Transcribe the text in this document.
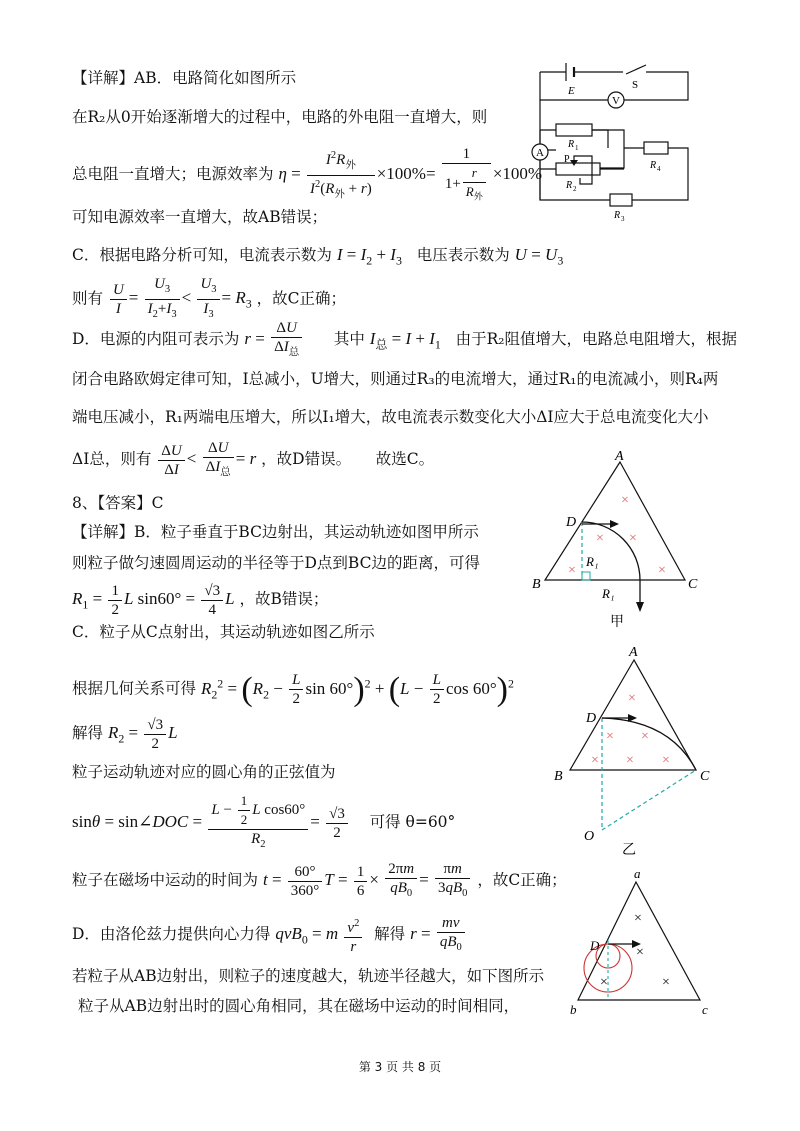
【详解】AB．电路简化如图所示
在R₂从0开始逐渐增大的过程中，电路的外电阻一直增大，则
总电阻一直增大；电源效率为 $\eta = \frac{I^2R_外}{I^2(R_外 + r)} \times 100\%= \frac{1}{1+ \frac{r}{R_外}} \times 100\%$
可知电源效率一直增大，故AB错误；
C．根据电路分析可知，电流表示数为 $I = I_2 + I_3$ 电压表示数为 $U = U_3$
则有 $\frac{U}{I} = \frac{U_3}{I_2+I_3} < \frac{U_3}{I_3} = R_3$ ，故C正确；
D．电源的内阻可表示为 $r = \frac{\Delta U}{\Delta I_总}$ 其中 $I_总 = I + I_1$ 由于R₂阻值增大，电路总电阻增大，根据
闭合电路欧姆定律可知，I总减小，U增大，则通过R₃的电流增大，通过R₁的电流减小，则R₄两
端电压减小，R₁两端电压增大，所以I₁增大，故电流表示数变化大小ΔI应大于总电流变化大小
ΔI总，则有 $\frac{\Delta U}{\Delta I} < \frac{\Delta U}{\Delta I_总} = r$ ，故D错误。 故选C。
8、【答案】C
【详解】B．粒子垂直于BC边射出，其运动轨迹如图甲所示
则粒子做匀速圆周运动的半径等于D点到BC边的距离，可得
$R_1 = \frac{1}{2}$ L $\sin 60^\circ = \frac{√3}{4}$ L ，故B错误；
C．粒子从C点射出，其运动轨迹如图乙所示
根据几何关系可得 $R_2^2 = (R_2 - \frac{L}{2}$ $\sin 60^\circ)^2 + (L - \frac{L}{2}$ $\cos 60^\circ)^2$
解得 $R_2 = \frac{√3}{2}$ L
粒子运动轨迹对应的圆心角的正弦值为
sinθ = sin∠DOC = $\frac{L - \frac{1}{2} L \cos 60^\circ}{R_2} = \frac{√3}{2}$ 可得 θ=60°
粒子在磁场中运动的时间为 $t = \frac{60^\circ}{360^\circ}$ $T = \frac{1}{6} \times \frac{2\pi m}{qB_0} = \frac{\pi m}{3qB_0}$ ，故C正确；
D．由洛伦兹力提供向心力得 qvB$_0$ = m $\frac{v^2}{r}$ 解得 $r = \frac{mv}{qB_0}$
若粒子从AB边射出，则粒子的速度越大，轨迹半径越大，如下图所示
粒子从AB边射出时的圆心角相同，其在磁场中运动的时间相同，
第 3 页 共 8 页
V
A
E	S
R 1
R 2
P
R 4
R 3
×
× ×
×	×
A
B	C
D
R₁
R₁
甲
×
× ×
× × ×
A
B	C
D
O
乙
×
×
×	×
a
b	c
D
